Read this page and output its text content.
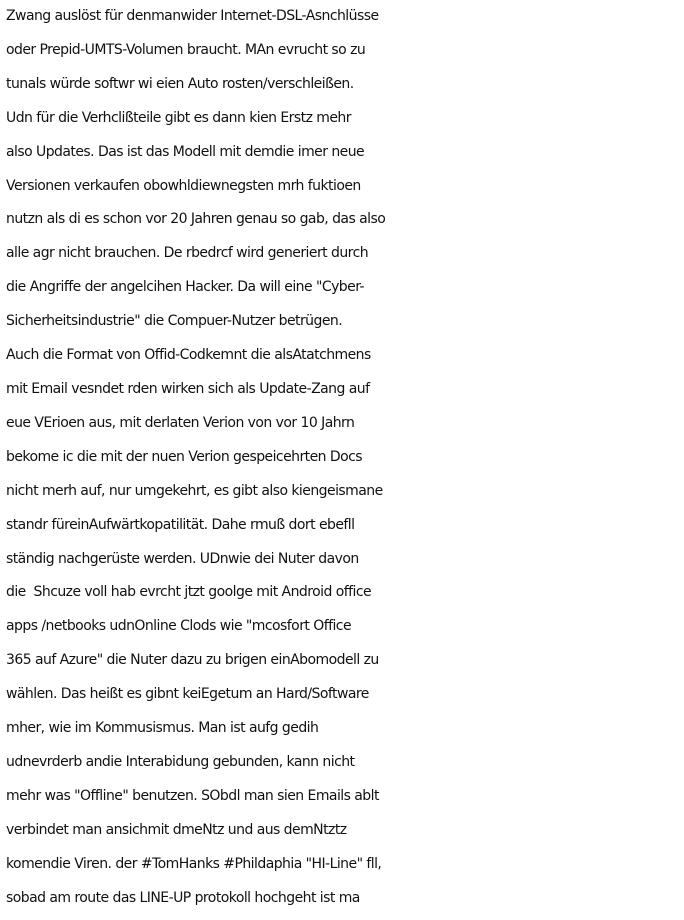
Zwang auslöst für denmanwider Internet-DSL-Asnchlüsse
oder Prepid-UMTS-Volumen braucht. MAn evrucht so zu
tunals würde softwr wi eien Auto rosten/verschleißen.
Udn für die Verhclißteile gibt es dann kien Erstz mehr
also Updates. Das ist das Modell mit demdie imer neue
Versionen verkaufen obowhldiewnegsten mrh fuktioen
nutzn als di es schon vor 20 Jahren genau so gab, das also
alle agr nicht brauchen. De rbedrcf wird generiert durch
die Angriffe der angelcihen Hacker. Da will eine "Cyber-
Sicherheitsindustrie" die Compuer-Nutzer betrügen.
Auch die Format von Offid-Codkemnt die alsAtatchmens
mit Email vesndet rden wirken sich als Update-Zang auf
eue VErioen aus, mit derlaten Verion von vor 10 Jahrn
bekome ic die mit der nuen Verion gespeicehrten Docs
nicht merh auf, nur umgekehrt, es gibt also kiengeismane
standr füreinAufwärtkopatilität. Dahe rmuß dort ebefll
ständig nachgerüste werden. UDnwie dei Nuter davon
die  Shcuze voll hab evrcht jtzt goolge mit Android office
apps /netbooks udnOnline Clods wie "mcosfort Office
365 auf Azure" die Nuter dazu zu brigen einAbomodell zu
wählen. Das heißt es gibnt keiEgetum an Hard/Software
mher, wie im Kommusismus. Man ist aufg gedih
udnevrderb andie Interabidung gebunden, kann nicht
mehr was "Offline" benutzen. SObdl man sien Emails ablt
verbindet man ansichmit dmeNtz und aus demNtztz
komendie Viren. der #TomHanks #Phildaphia "HI-Line" fll,
sobad am route das LINE-UP protokoll hochgeht ist ma
